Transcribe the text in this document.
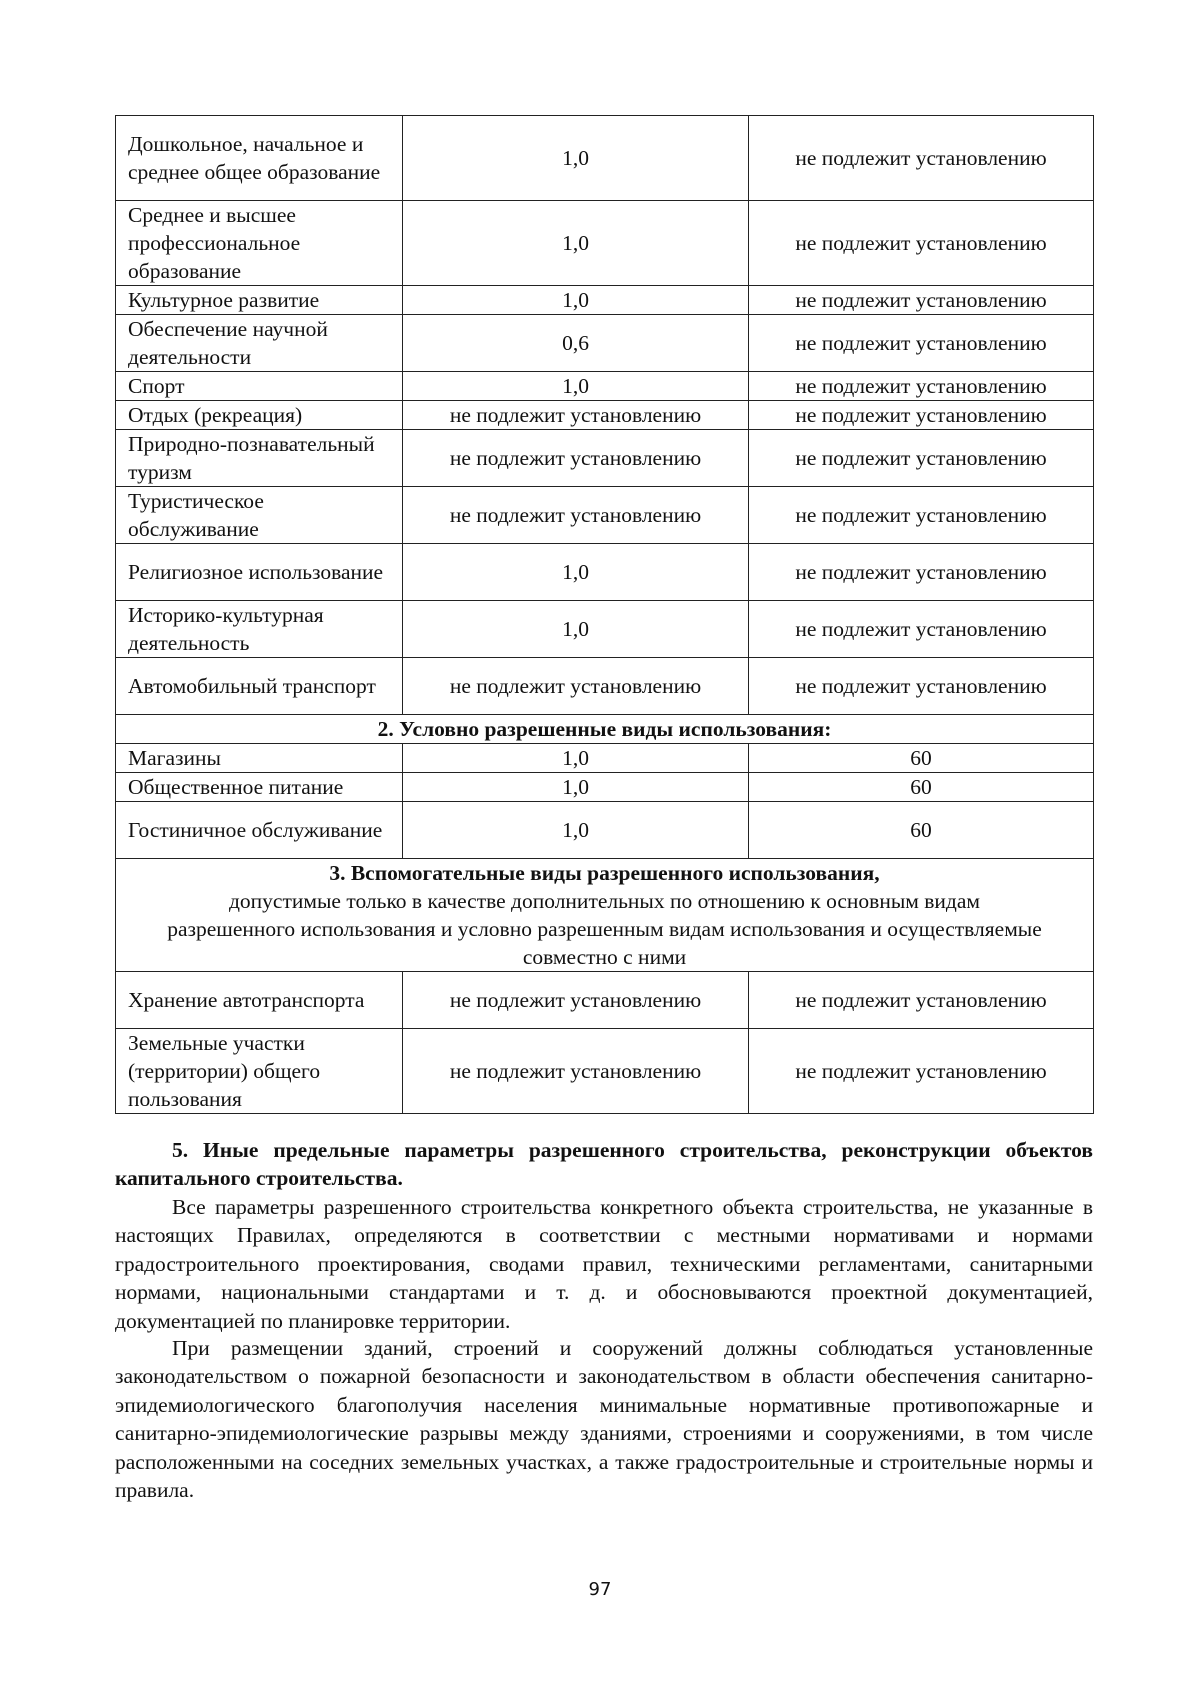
Дошкольное, начальное и среднее общее образование	1,0	не подлежит установлению
Среднее и высшее профессиональное образование	1,0	не подлежит установлению
Культурное развитие	1,0	не подлежит установлению
Обеспечение научной деятельности	0,6	не подлежит установлению
Спорт	1,0	не подлежит установлению
Отдых (рекреация)	не подлежит установлению	не подлежит установлению
Природно-познавательный туризм	не подлежит установлению	не подлежит установлению
Туристическое обслуживание	не подлежит установлению	не подлежит установлению
Религиозное использование	1,0	не подлежит установлению
Историко-культурная деятельность	1,0	не подлежит установлению
Автомобильный транспорт	не подлежит установлению	не подлежит установлению
2. Условно разрешенные виды использования:		
Магазины	1,0	60
Общественное питание	1,0	60
Гостиничное обслуживание	1,0	60

3. Вспомогательные виды разрешенного использования,
допустимые только в качестве дополнительных по отношению к основным видам разрешенного использования и условно разрешенным видам использования и осуществляемые совместно с ними		

Хранение автотранспорта	не подлежит установлению	не подлежит установлению
Земельные участки (территории) общего пользования	не подлежит установлению	не подлежит установлению
5. Иные предельные параметры разрешенного строительства, реконструкции объектов капитального строительства.
Все параметры разрешенного строительства конкретного объекта строительства, не указанные в настоящих Правилах, определяются в соответствии с местными нормативами и нормами градостроительного проектирования, сводами правил, техническими регламентами, санитарными нормами, национальными стандартами и т. д. и обосновываются проектной документацией, документацией по планировке территории.
При размещении зданий, строений и сооружений должны соблюдаться установленные законодательством о пожарной безопасности и законодательством в области обеспечения санитарно-эпидемиологического благополучия населения минимальные нормативные противопожарные и санитарно-эпидемиологические разрывы между зданиями, строениями и сооружениями, в том числе расположенными на соседних земельных участках, а также градостроительные и строительные нормы и правила.
97
